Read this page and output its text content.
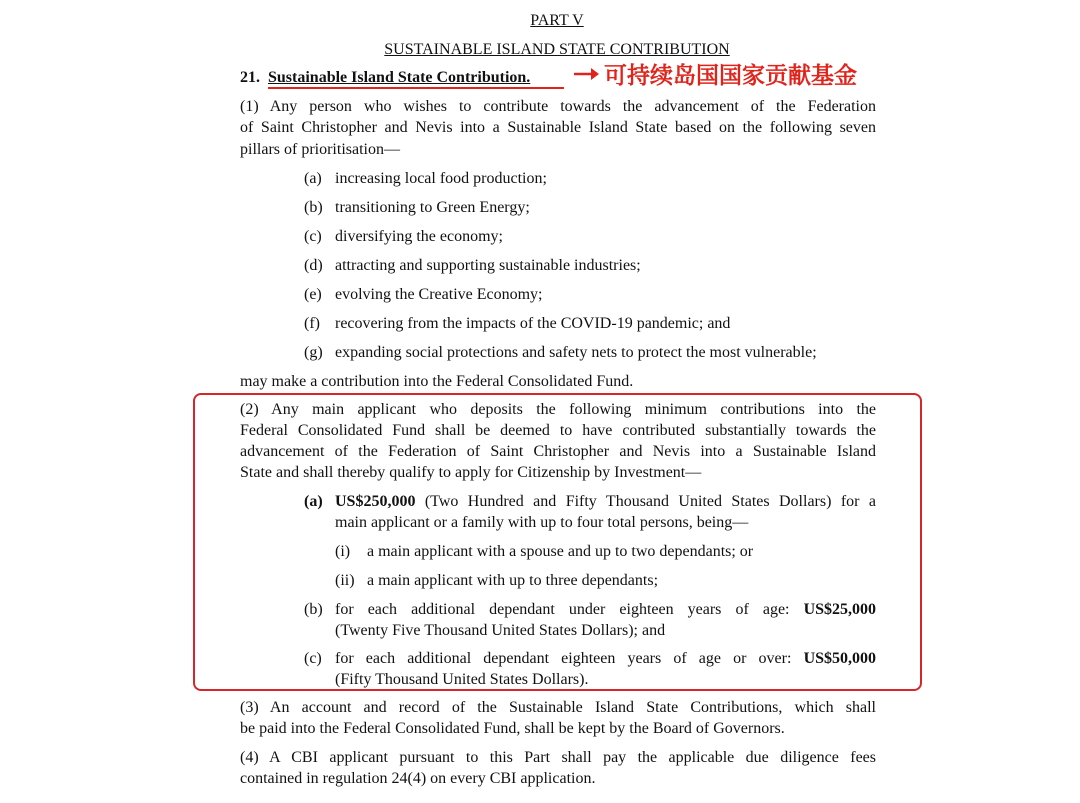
PART V
SUSTAINABLE ISLAND STATE CONTRIBUTION
21. Sustainable Island State Contribution.	可持续岛国国家贡献基金
(1) Any person who wishes to contribute towards the advancement of the Federation
of Saint Christopher and Nevis into a Sustainable Island State based on the following seven
pillars of prioritisation—
(a) increasing local food production;
(b) transitioning to Green Energy;
(c) diversifying the economy;
(d) attracting and supporting sustainable industries;
(e) evolving the Creative Economy;
(f) recovering from the impacts of the COVID-19 pandemic; and
(g) expanding social protections and safety nets to protect the most vulnerable;
may make a contribution into the Federal Consolidated Fund.
(2) Any main applicant who deposits the following minimum contributions into the
Federal Consolidated Fund shall be deemed to have contributed substantially towards the
advancement of the Federation of Saint Christopher and Nevis into a Sustainable Island
State and shall thereby qualify to apply for Citizenship by Investment—
(a) US$250,000 (Two Hundred and Fifty Thousand United States Dollars) for a
main applicant or a family with up to four total persons, being—
(i) a main applicant with a spouse and up to two dependants; or
(ii) a main applicant with up to three dependants;
(b) for each additional dependant under eighteen years of age: US$25,000
(Twenty Five Thousand United States Dollars); and
(c) for each additional dependant eighteen years of age or over: US$50,000
(Fifty Thousand United States Dollars).
(3) An account and record of the Sustainable Island State Contributions, which shall
be paid into the Federal Consolidated Fund, shall be kept by the Board of Governors.
(4) A CBI applicant pursuant to this Part shall pay the applicable due diligence fees
contained in regulation 24(4) on every CBI application.
